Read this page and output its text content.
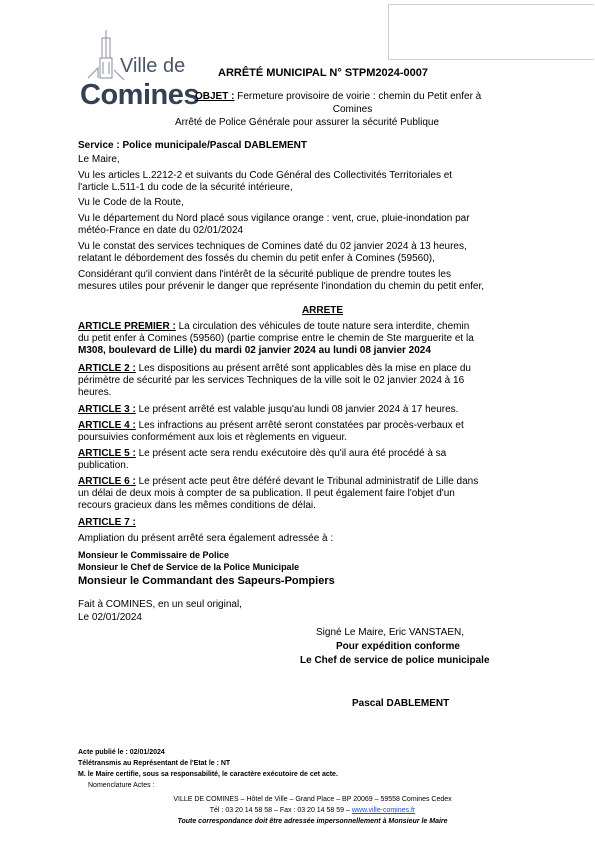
Ville de
Comines
ARRÊTÉ MUNICIPAL N° STPM2024-0007
OBJET : Fermeture provisoire de voirie : chemin du Petit enfer à
Comines
Arrêté de Police Générale pour assurer la sécurité Publique
Service : Police municipale/Pascal DABLEMENT
Le Maire,
Vu les articles L.2212-2 et suivants du Code Général des Collectivités Territoriales et
l'article L.511-1 du code de la sécurité intérieure,
Vu le Code de la Route,
Vu le département du Nord placé sous vigilance orange : vent, crue, pluie-inondation par
météo-France en date du 02/01/2024
Vu le constat des services techniques de Comines daté du 02 janvier 2024 à 13 heures,
relatant le débordement des fossés du chemin du petit enfer à Comines (59560),
Considérant qu'il convient dans l'intérêt de la sécurité publique de prendre toutes les
mesures utiles pour prévenir le danger que représente l'inondation du chemin du petit enfer,
ARRETE
ARTICLE PREMIER : La circulation des véhicules de toute nature sera interdite, chemin
du petit enfer à Comines (59560) (partie comprise entre le chemin de Ste marguerite et la
M308, boulevard de Lille) du mardi 02 janvier 2024 au lundi 08 janvier 2024
ARTICLE 2 : Les dispositions au présent arrêté sont applicables dès la mise en place du
périmètre de sécurité par les services Techniques de la ville soit le 02 janvier 2024 à 16
heures.
ARTICLE 3 : Le présent arrêté est valable jusqu'au lundi 08 janvier 2024 à 17 heures.
ARTICLE 4 : Les infractions au présent arrêté seront constatées par procès-verbaux et
poursuivies conformément aux lois et règlements en vigueur.
ARTICLE 5 : Le présent acte sera rendu exécutoire dès qu'il aura été procédé à sa
publication.
ARTICLE 6 : Le présent acte peut être déféré devant le Tribunal administratif de Lille dans
un délai de deux mois à compter de sa publication. Il peut également faire l'objet d'un
recours gracieux dans les mêmes conditions de délai.
ARTICLE 7 :
Ampliation du présent arrêté sera également adressée à :
Monsieur le Commissaire de Police
Monsieur le Chef de Service de la Police Municipale
Monsieur le Commandant des Sapeurs-Pompiers
Fait à COMINES, en un seul original,
Le 02/01/2024
Signé Le Maire, Eric VANSTAEN,
Pour expédition conforme
Le Chef de service de police municipale
Pascal DABLEMENT
Acte publié le : 02/01/2024
Télétransmis au Représentant de l'Etat le : NT
M. le Maire certifie, sous sa responsabilité, le caractère exécutoire de cet acte.
Nomenclature Actes :
VILLE DE COMINES – Hôtel de Ville – Grand Place – BP 20069 – 59558 Comines Cedex
Tél : 03 20 14 58 58 – Fax : 03 20 14 58 59 – www.ville-comines.fr
Toute correspondance doit être adressée impersonnellement à Monsieur le Maire
